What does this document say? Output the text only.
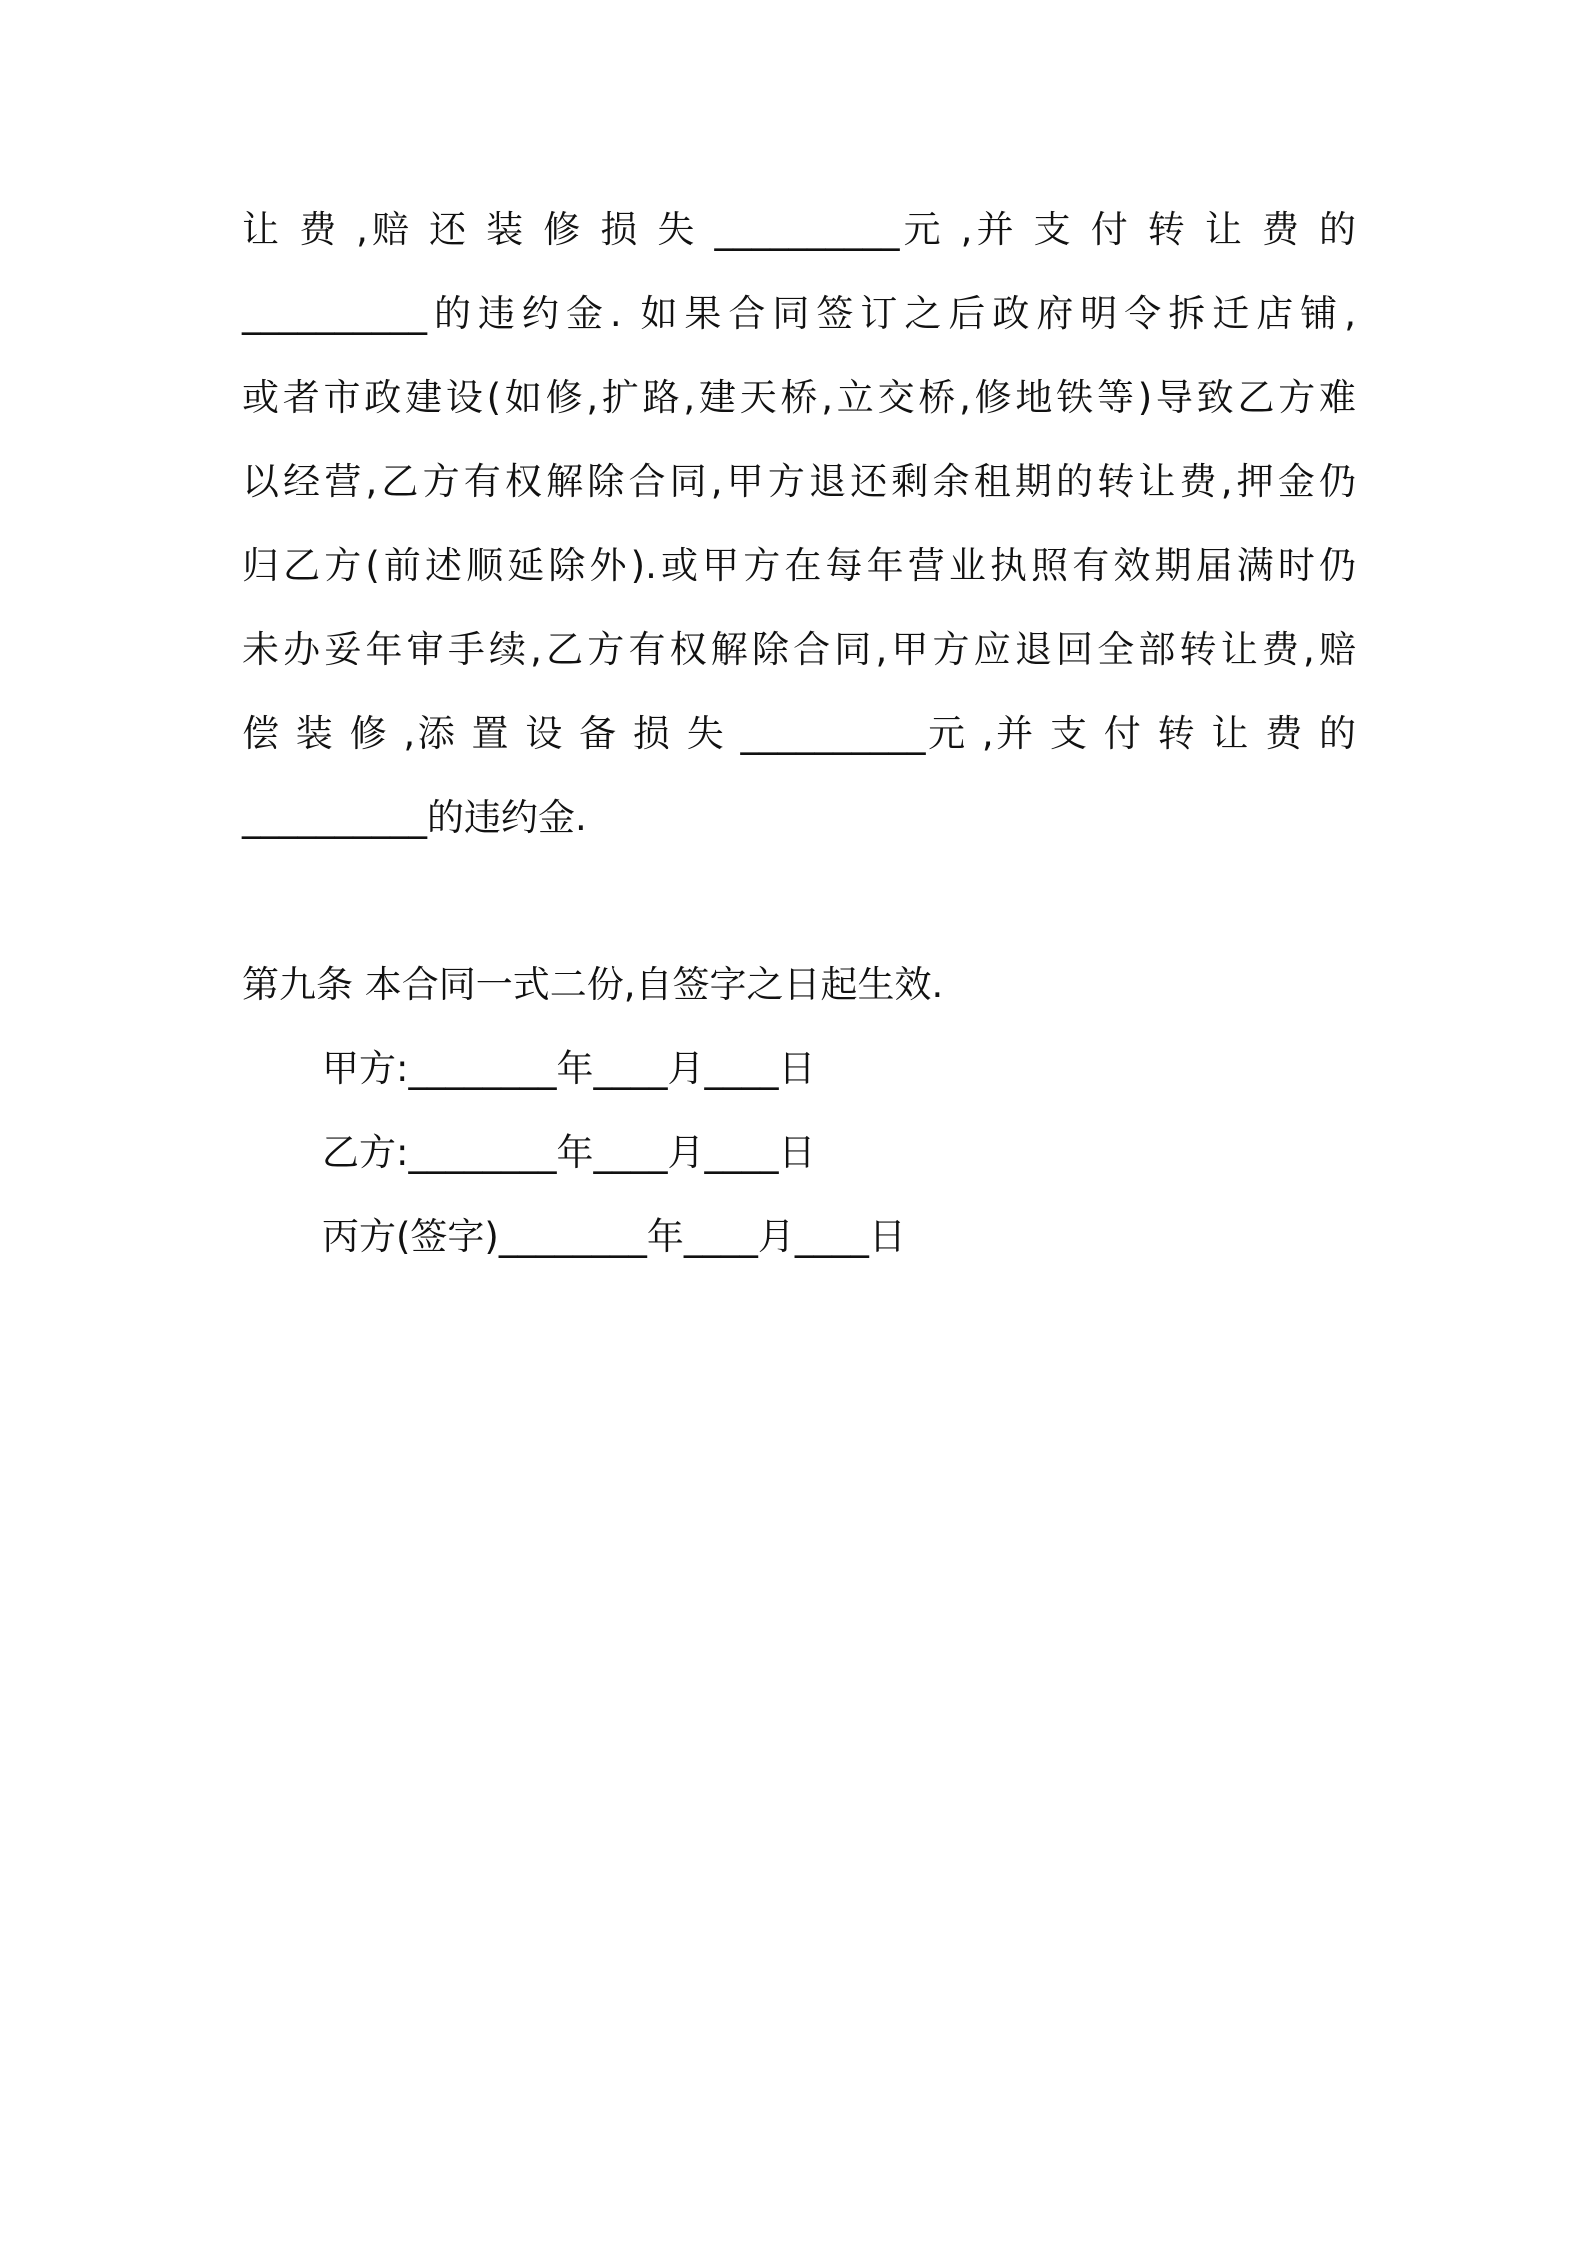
让 费 ,赔 还 装 修 损 失 __________元 ,并 支 付 转 让 费 的
__________的违约金. 如果合同签订之后政府明令拆迁店铺,
或者市政建设(如修,扩路,建天桥,立交桥,修地铁等)导致乙方难
以经营,乙方有权解除合同,甲方退还剩余租期的转让费,押金仍
归乙方(前述顺延除外).或甲方在每年营业执照有效期届满时仍
未办妥年审手续,乙方有权解除合同,甲方应退回全部转让费,赔
偿 装 修 ,添 置 设 备 损 失 __________元 ,并 支 付 转 让 费 的
__________的违约金.
第九条 本合同一式二份,自签字之日起生效.
甲方:________年____月____日
乙方:________年____月____日
丙方(签字)________年____月____日
